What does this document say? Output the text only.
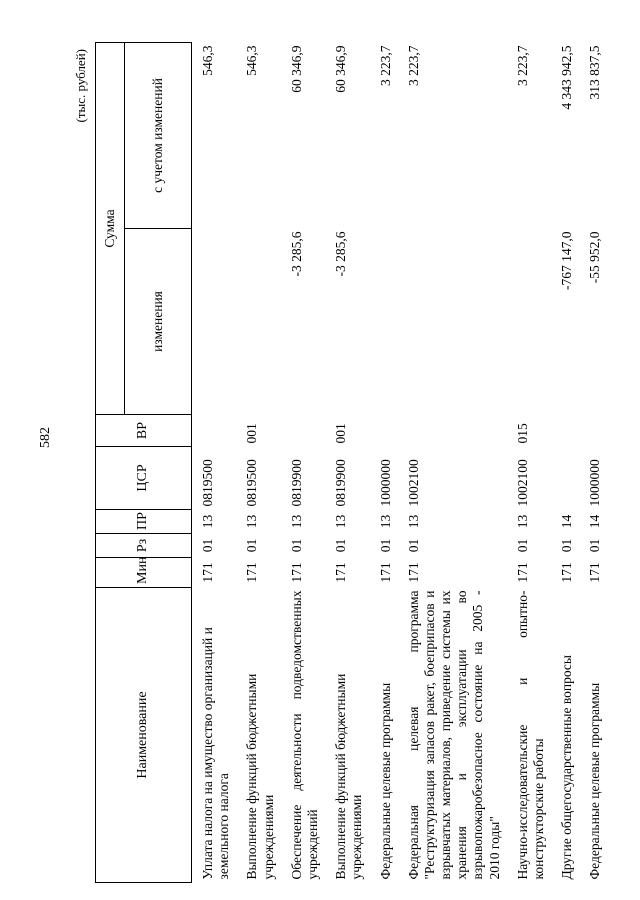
582
(тыс. рублей)
Наименование	Мин	Рз	ПР	ЦСР	ВР	Сумма	
						изменения	с учетом изменений
Уплата налога на имущество организаций и земельного налога	171	01	13	0819500			546,3
Выполнение функций бюджетными учреждениями	171	01	13	0819500	001		546,3
Обеспечение деятельности подведомственных учреждений	171	01	13	0819900		-3 285,6	60 346,9
Выполнение функций бюджетными учреждениями	171	01	13	0819900	001	-3 285,6	60 346,9
Федеральные целевые программы	171	01	13	1000000			3 223,7
Федеральная целевая программа "Реструктуризация запасов ракет, боеприпасов и взрывчатых материалов, приведение системы их хранения и эксплуатации во взрывопожаробезопасное состояние на 2005 - 2010 годы"	171	01	13	1002100			3 223,7
Научно-исследовательские и опытно-конструкторские работы	171	01	13	1002100	015		3 223,7
Другие общегосударственные вопросы	171	01	14			-767 147,0	4 343 942,5
Федеральные целевые программы	171	01	14	1000000		-55 952,0	313 837,5
